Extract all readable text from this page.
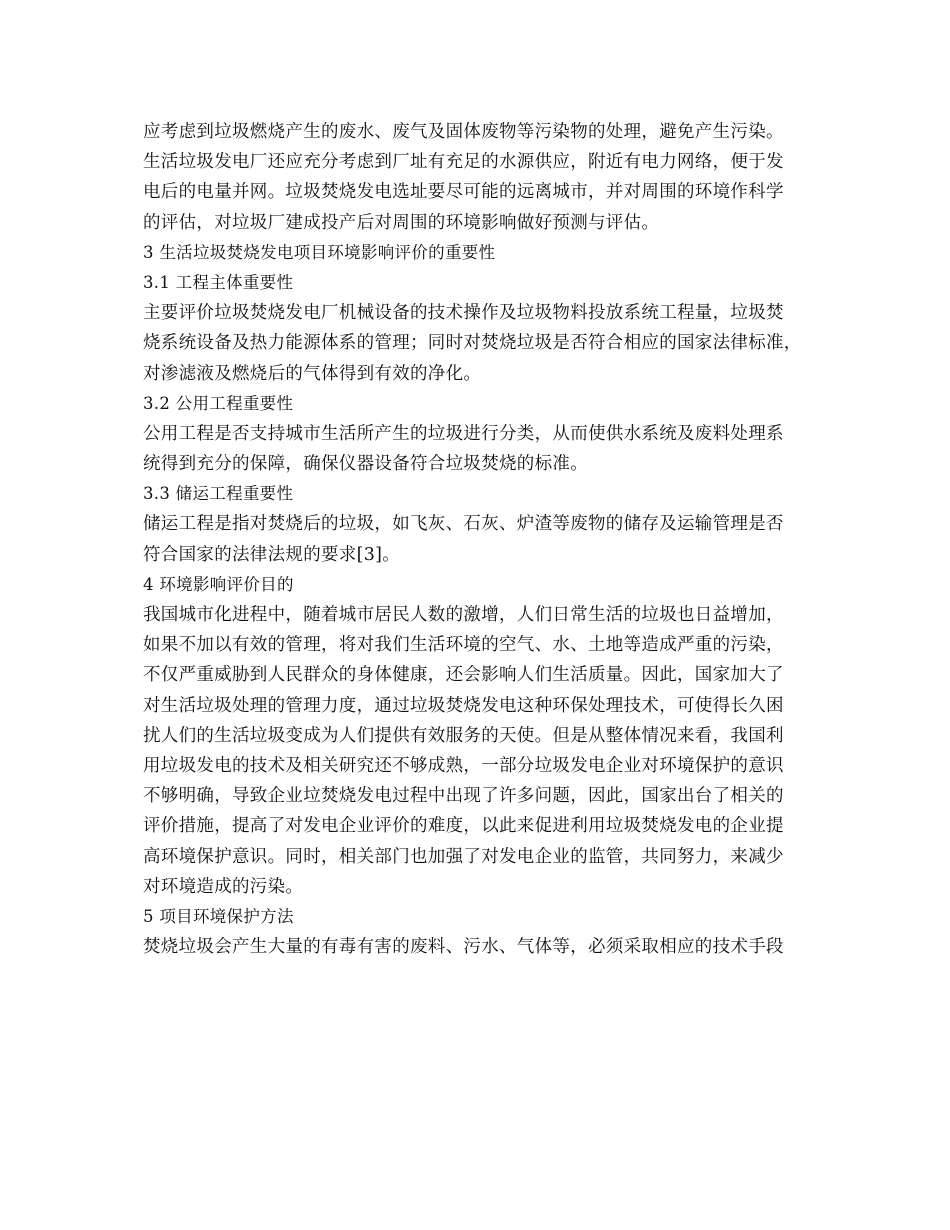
应考虑到垃圾燃烧产生的废水、废气及固体废物等污染物的处理，避免产生污染。
生活垃圾发电厂还应充分考虑到厂址有充足的水源供应，附近有电力网络，便于发
电后的电量并网。垃圾焚烧发电选址要尽可能的远离城市，并对周围的环境作科学
的评估，对垃圾厂建成投产后对周围的环境影响做好预测与评估。
3 生活垃圾焚烧发电项目环境影响评价的重要性
3.1 工程主体重要性
主要评价垃圾焚烧发电厂机械设备的技术操作及垃圾物料投放系统工程量，垃圾焚
烧系统设备及热力能源体系的管理；同时对焚烧垃圾是否符合相应的国家法律标准，
对渗滤液及燃烧后的气体得到有效的净化。
3.2 公用工程重要性
公用工程是否支持城市生活所产生的垃圾进行分类，从而使供水系统及废料处理系
统得到充分的保障，确保仪器设备符合垃圾焚烧的标准。
3.3 储运工程重要性
储运工程是指对焚烧后的垃圾，如飞灰、石灰、炉渣等废物的储存及运输管理是否
符合国家的法律法规的要求[3]。
4 环境影响评价目的
我国城市化进程中，随着城市居民人数的激增，人们日常生活的垃圾也日益增加，
如果不加以有效的管理，将对我们生活环境的空气、水、土地等造成严重的污染，
不仅严重威胁到人民群众的身体健康，还会影响人们生活质量。因此，国家加大了
对生活垃圾处理的管理力度，通过垃圾焚烧发电这种环保处理技术，可使得长久困
扰人们的生活垃圾变成为人们提供有效服务的天使。但是从整体情况来看，我国利
用垃圾发电的技术及相关研究还不够成熟，一部分垃圾发电企业对环境保护的意识
不够明确，导致企业垃焚烧发电过程中出现了许多问题，因此，国家出台了相关的
评价措施，提高了对发电企业评价的难度，以此来促进利用垃圾焚烧发电的企业提
高环境保护意识。同时，相关部门也加强了对发电企业的监管，共同努力，来减少
对环境造成的污染。
5 项目环境保护方法
焚烧垃圾会产生大量的有毒有害的废料、污水、气体等，必须采取相应的技术手段
